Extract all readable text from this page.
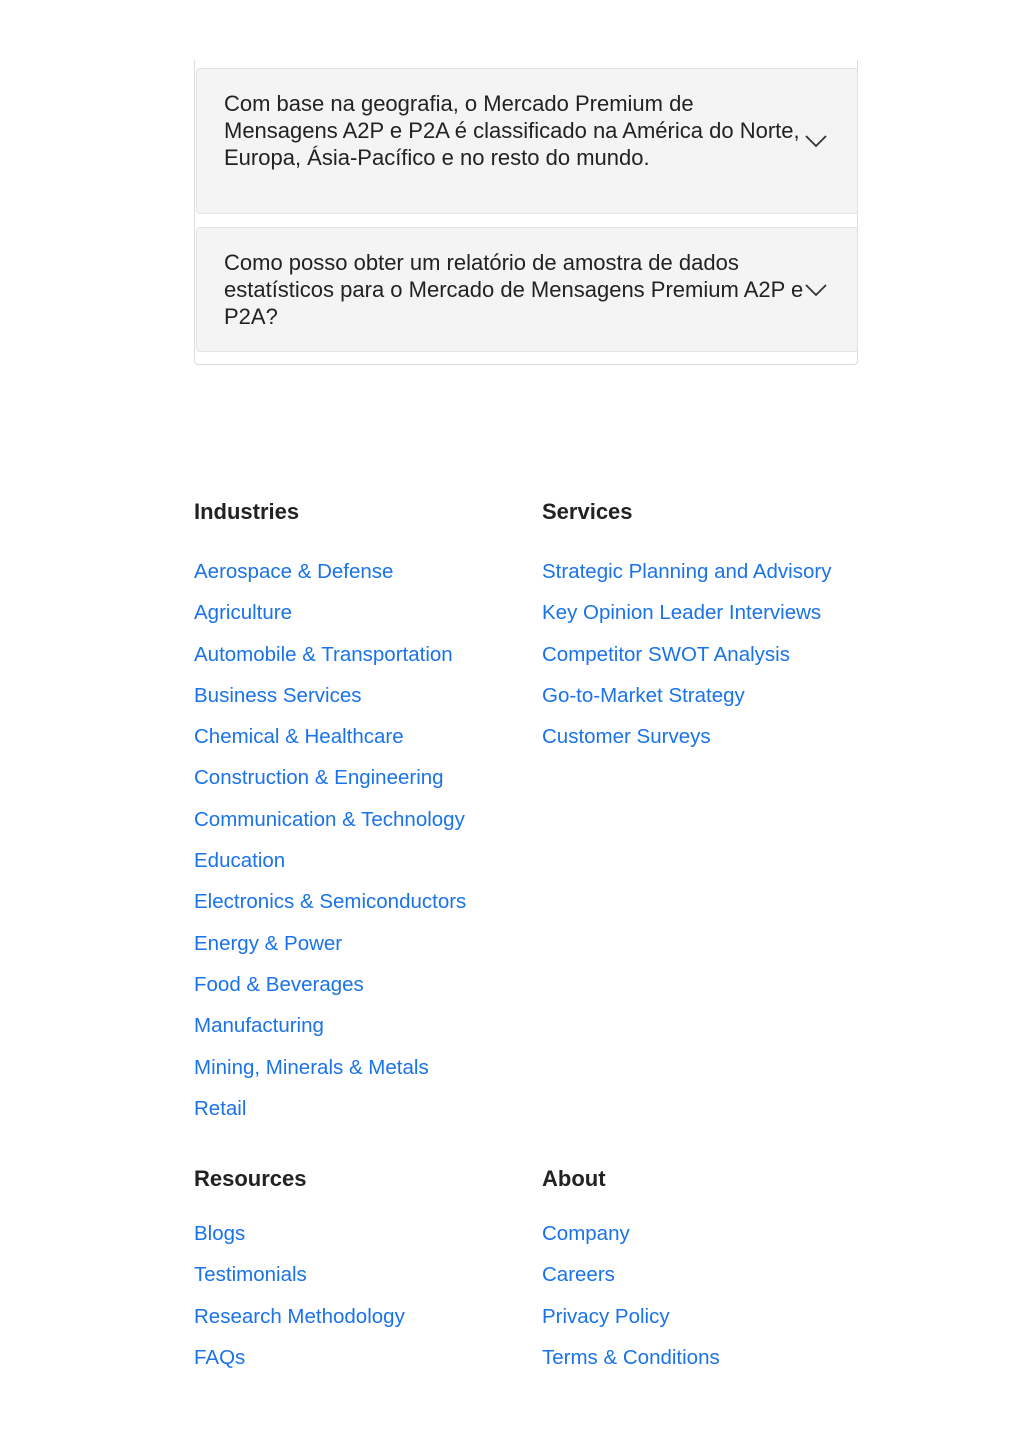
Com base na geografia, o Mercado Premium de Mensagens A2P e P2A é classificado na América do Norte, Europa, Ásia-Pacífico e no resto do mundo.
Como posso obter um relatório de amostra de dados estatísticos para o Mercado de Mensagens Premium A2P e P2A?
Industries
Aerospace & Defense
Agriculture
Automobile & Transportation
Business Services
Chemical & Healthcare
Construction & Engineering
Communication & Technology
Education
Electronics & Semiconductors
Energy & Power
Food & Beverages
Manufacturing
Mining, Minerals & Metals
Retail
Services
Strategic Planning and Advisory
Key Opinion Leader Interviews
Competitor SWOT Analysis
Go-to-Market Strategy
Customer Surveys
Resources
Blogs
Testimonials
Research Methodology
FAQs
About
Company
Careers
Privacy Policy
Terms & Conditions
